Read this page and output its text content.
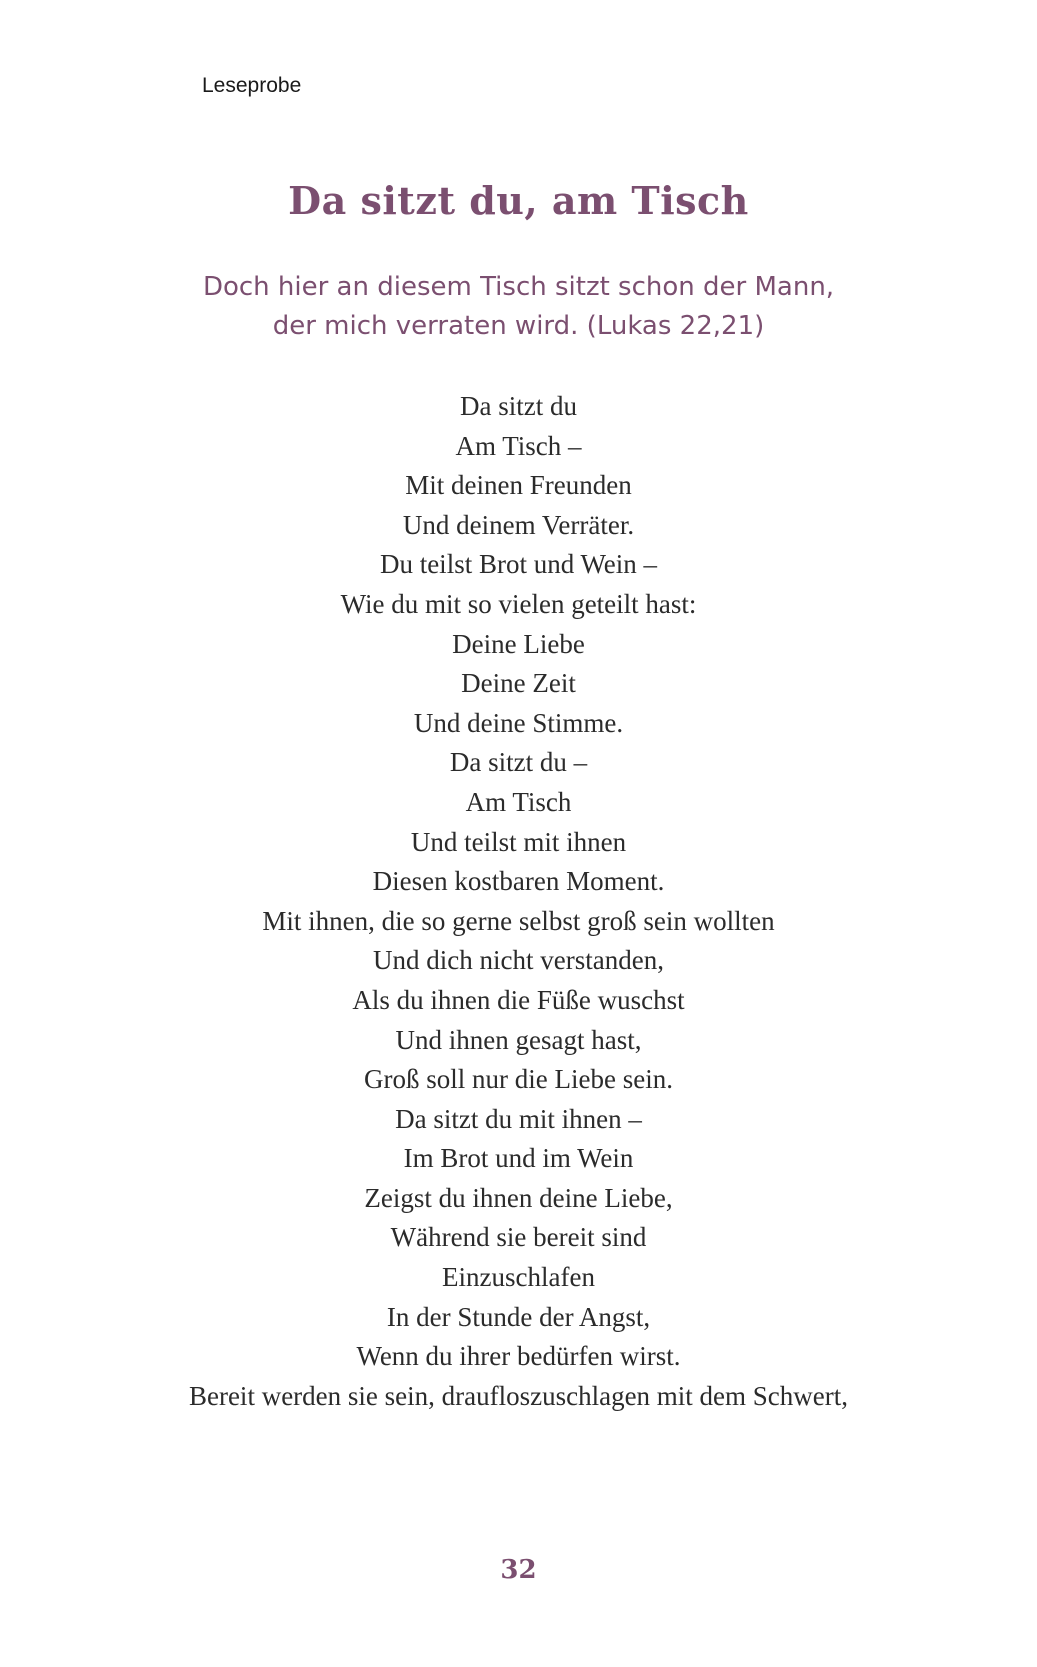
Leseprobe

Da sitzt du, am Tisch

Doch hier an diesem Tisch sitzt schon der Mann,
der mich verraten wird. (Lukas 22,21)

Da sitzt du
Am Tisch –
Mit deinen Freunden
Und deinem Verräter.
Du teilst Brot und Wein –
Wie du mit so vielen geteilt hast:
Deine Liebe
Deine Zeit
Und deine Stimme.
Da sitzt du –
Am Tisch
Und teilst mit ihnen
Diesen kostbaren Moment.
Mit ihnen, die so gerne selbst groß sein wollten
Und dich nicht verstanden,
Als du ihnen die Füße wuschst
Und ihnen gesagt hast,
Groß soll nur die Liebe sein.
Da sitzt du mit ihnen –
Im Brot und im Wein
Zeigst du ihnen deine Liebe,
Während sie bereit sind
Einzuschlafen
In der Stunde der Angst,
Wenn du ihrer bedürfen wirst.
Bereit werden sie sein, draufloszuschlagen mit dem Schwert,

32
